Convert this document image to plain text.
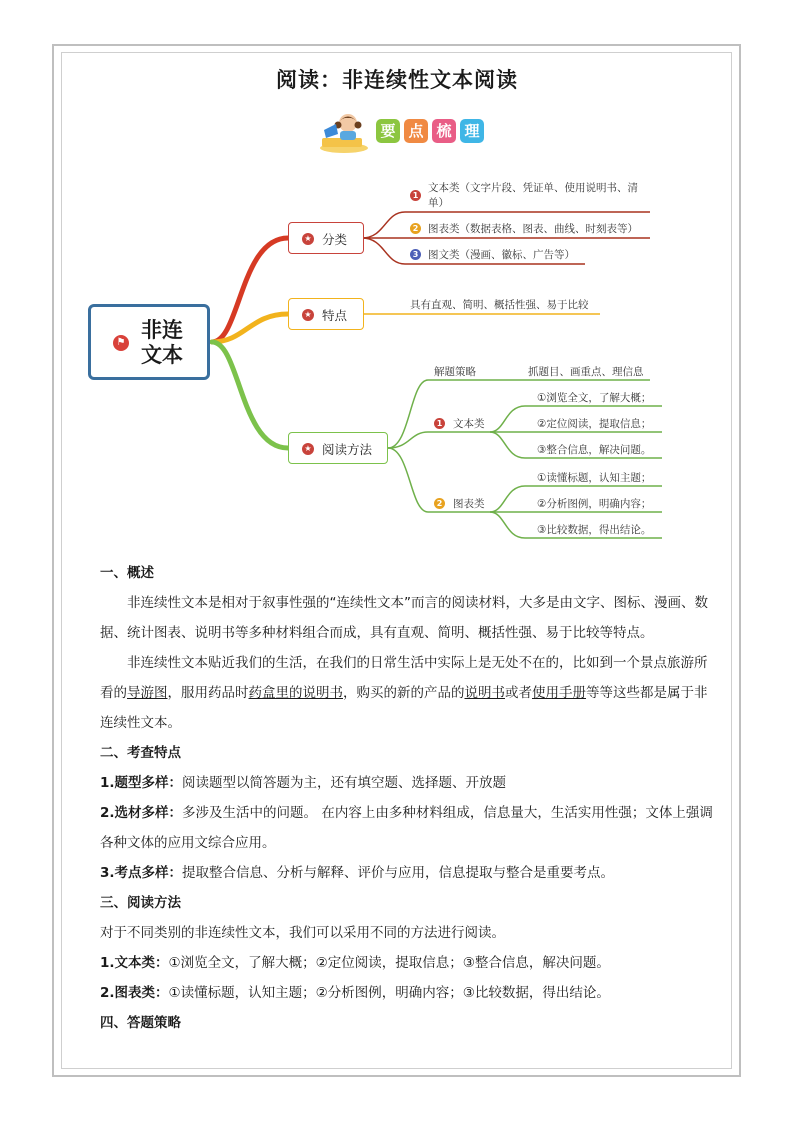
阅读：非连续性文本阅读
要 点 梳 理
⚑
非连
文本
★ 分类
★ 特点
★ 阅读方法
1
文本类（文字片段、凭证单、使用说明书、清
单）
2 图表类（数据表格、图表、曲线、时刻表等）
3 图文类（漫画、徽标、广告等）
具有直观、简明、概括性强、易于比较
解题策略	抓题目、画重点、理信息
1 文本类
①浏览全文，了解大概；
②定位阅读，提取信息；
③整合信息，解决问题。
2 图表类
①读懂标题，认知主题；
②分析图例，明确内容；
③比较数据，得出结论。

一、概述

非连续性文本是相对于叙事性强的“连续性文本”而言的阅读材料，大多是由文字、图标、漫画、数据、统计图表、说明书等多种材料组合而成，具有直观、简明、概括性强、易于比较等特点。

非连续性文本贴近我们的生活，在我们的日常生活中实际上是无处不在的，比如到一个景点旅游所看的导游图，服用药品时药盒里的说明书，购买的新的产品的说明书或者使用手册等等这些都是属于非连续性文本。

二、考查特点

1.题型多样：阅读题型以简答题为主，还有填空题、选择题、开放题

2.选材多样：多涉及生活中的问题。 在内容上由多种材料组成，信息量大，生活实用性强；文体上强调各种文体的应用文综合应用。

3.考点多样：提取整合信息、分析与解释、评价与应用，信息提取与整合是重要考点。

三、阅读方法

对于不同类别的非连续性文本，我们可以采用不同的方法进行阅读。

1.文本类：①浏览全文，了解大概；②定位阅读，提取信息；③整合信息，解决问题。

2.图表类：①读懂标题，认知主题；②分析图例，明确内容；③比较数据，得出结论。

四、答题策略
